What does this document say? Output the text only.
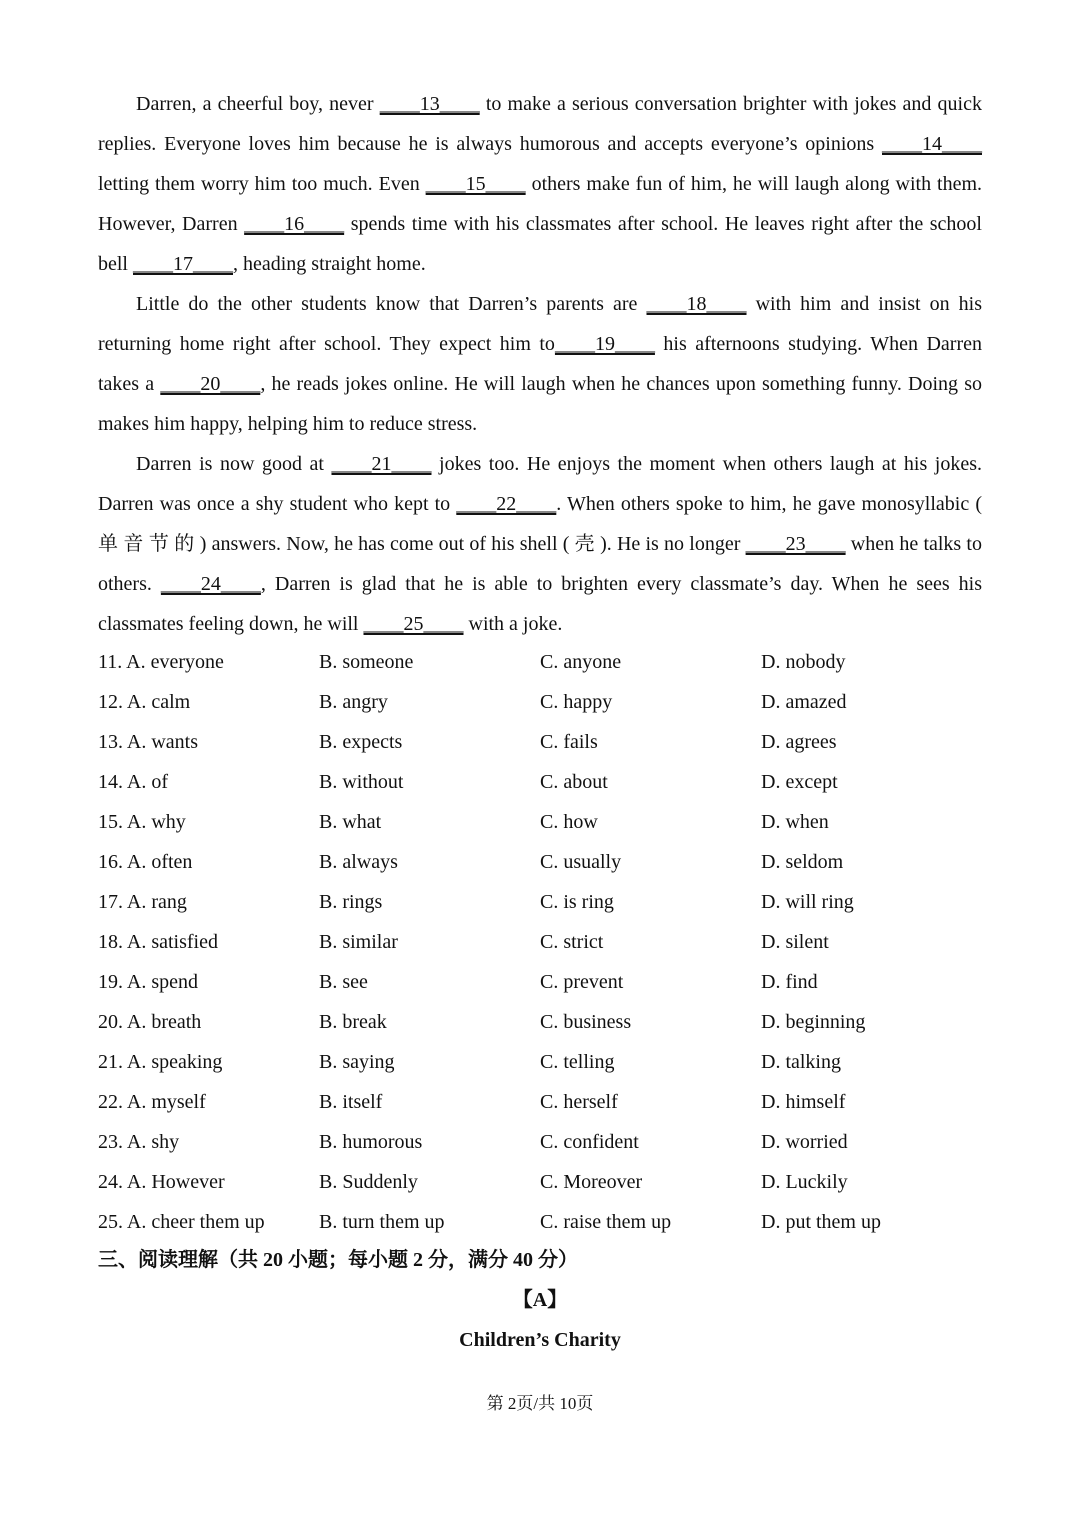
Darren, a cheerful boy, never ____13____ to make a serious conversation brighter with jokes and quick replies. Everyone loves him because he is always humorous and accepts everyone’s opinions ____14____ letting them worry him too much. Even ____15____ others make fun of him, he will laugh along with them. However, Darren ____16____ spends time with his classmates after school. He leaves right after the school bell ____17____, heading straight home.

Little do the other students know that Darren’s parents are ____18____ with him and insist on his returning home right after school. They expect him to____19____ his afternoons studying. When Darren takes a ____20____, he reads jokes online. He will laugh when he chances upon something funny. Doing so makes him happy, helping him to reduce stress.

Darren is now good at ____21____ jokes too. He enjoys the moment when others laugh at his jokes. Darren was once a shy student who kept to ____22____. When others spoke to him, he gave monosyllabic ( 单 音 节 的 ) answers. Now, he has come out of his shell ( 壳 ). He is no longer ____23____ when he talks to others. ____24____, Darren is glad that he is able to brighten every classmate’s day. When he sees his classmates feeling down, he will ____25____ with a joke.

11. A. everyone	B. someone	C. anyone	D. nobody
12. A. calm	B. angry	C. happy	D. amazed
13. A. wants	B. expects	C. fails	D. agrees
14. A. of	B. without	C. about	D. except
15. A. why	B. what	C. how	D. when
16. A. often	B. always	C. usually	D. seldom
17. A. rang	B. rings	C. is ring	D. will ring
18. A. satisfied	B. similar	C. strict	D. silent
19. A. spend	B. see	C. prevent	D. find
20. A. breath	B. break	C. business	D. beginning
21. A. speaking	B. saying	C. telling	D. talking
22. A. myself	B. itself	C. herself	D. himself
23. A. shy	B. humorous	C. confident	D. worried
24. A. However	B. Suddenly	C. Moreover	D. Luckily
25. A. cheer them up	B. turn them up	C. raise them up	D. put them up
三、阅读理解（共 20 小题；每小题 2 分，满分 40 分）
【A】
Children’s Charity
第 2页/共 10页
